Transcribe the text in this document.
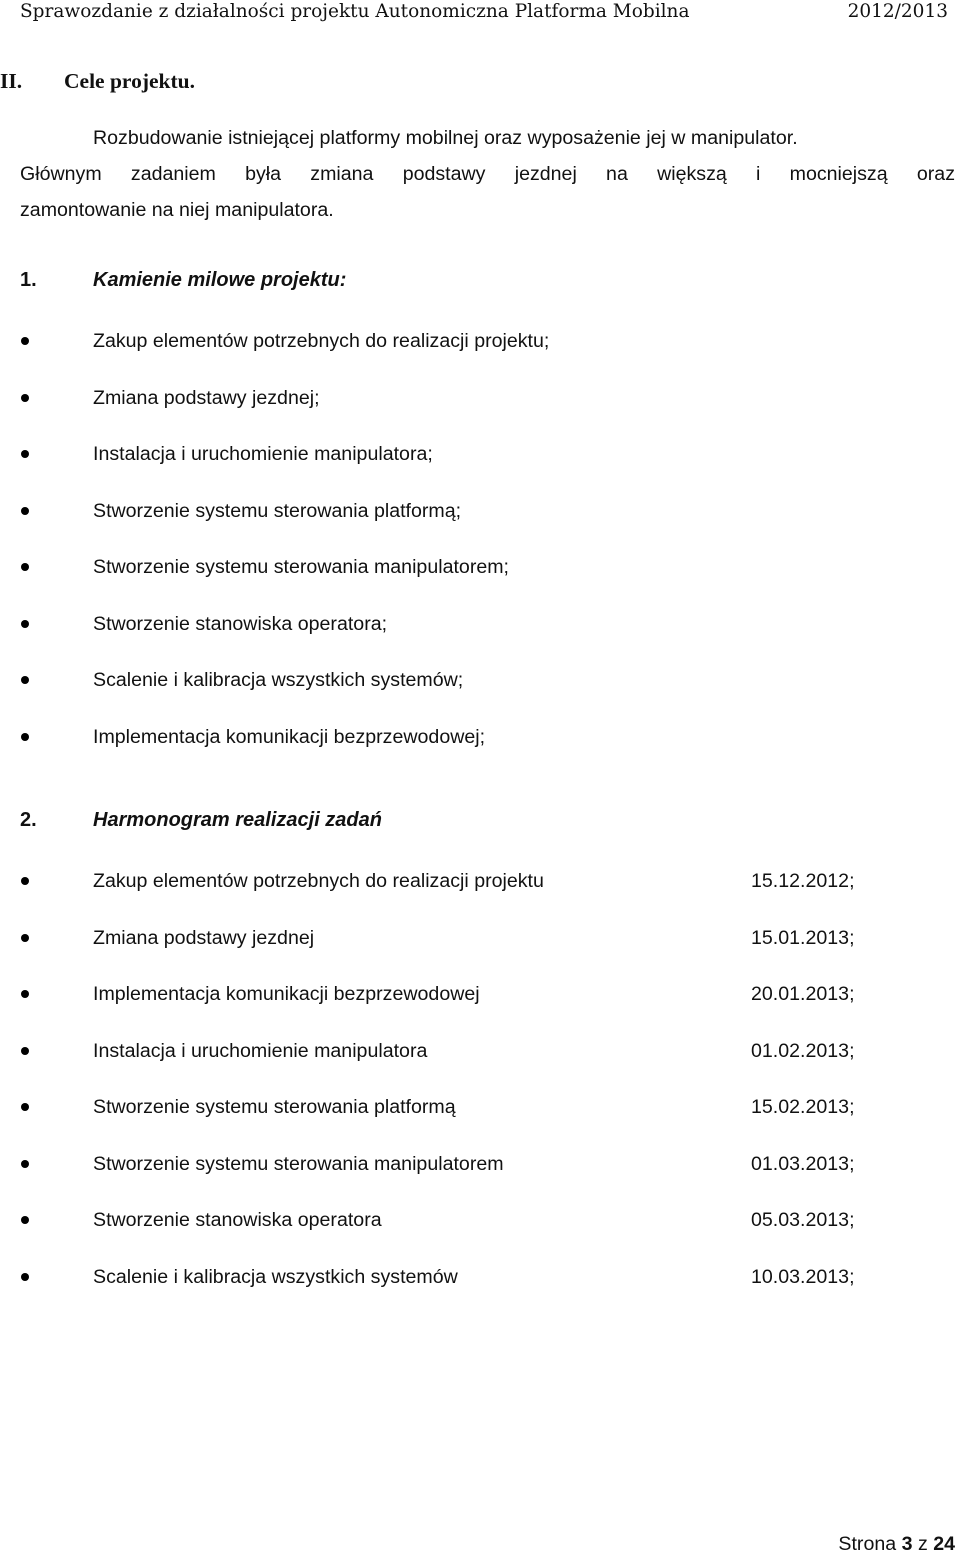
Sprawozdanie z działalności projektu Autonomiczna Platforma Mobilna	2012/2013
II. Cele projektu.
Rozbudowanie istniejącej platformy mobilnej oraz wyposażenie jej w manipulator.
Głównym zadaniem była zmiana podstawy jezdnej na większą i mocniejszą oraz
zamontowanie na niej manipulatora.
1.	Kamienie milowe projektu:
Zakup elementów potrzebnych do realizacji projektu;
Zmiana podstawy jezdnej;
Instalacja i uruchomienie manipulatora;
Stworzenie systemu sterowania platformą;
Stworzenie systemu sterowania manipulatorem;
Stworzenie stanowiska operatora;
Scalenie i kalibracja wszystkich systemów;
Implementacja komunikacji bezprzewodowej;
2.	Harmonogram realizacji zadań
Zakup elementów potrzebnych do realizacji projektu	15.12.2012;
Zmiana podstawy jezdnej	15.01.2013;
Implementacja komunikacji bezprzewodowej	20.01.2013;
Instalacja i uruchomienie manipulatora	01.02.2013;
Stworzenie systemu sterowania platformą	15.02.2013;
Stworzenie systemu sterowania manipulatorem	01.03.2013;
Stworzenie stanowiska operatora	05.03.2013;
Scalenie i kalibracja wszystkich systemów	10.03.2013;
Strona 3 z 24
